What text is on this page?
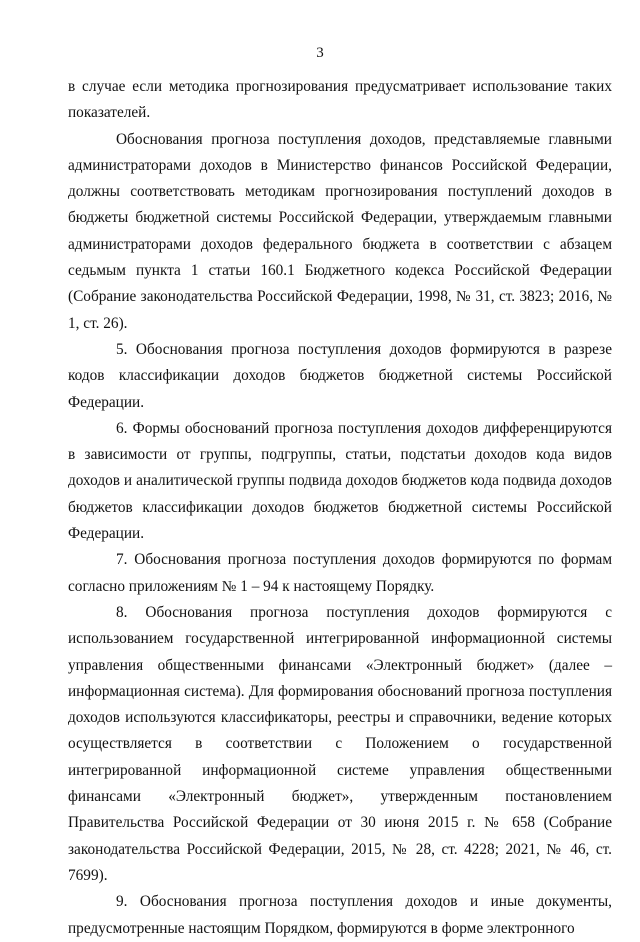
3

в случае если методика прогнозирования предусматривает использование таких показателей.

Обоснования прогноза поступления доходов, представляемые главными администраторами доходов в Министерство финансов Российской Федерации, должны соответствовать методикам прогнозирования поступлений доходов в бюджеты бюджетной системы Российской Федерации, утверждаемым главными администраторами доходов федерального бюджета в соответствии с абзацем седьмым пункта 1 статьи 160.1 Бюджетного кодекса Российской Федерации (Собрание законодательства Российской Федерации, 1998, № 31, ст. 3823; 2016, № 1, ст. 26).

5. Обоснования прогноза поступления доходов формируются в разрезе кодов классификации доходов бюджетов бюджетной системы Российской Федерации.

6. Формы обоснований прогноза поступления доходов дифференцируются в зависимости от группы, подгруппы, статьи, подстатьи доходов кода видов доходов и аналитической группы подвида доходов бюджетов кода подвида доходов бюджетов классификации доходов бюджетов бюджетной системы Российской Федерации.

7. Обоснования прогноза поступления доходов формируются по формам согласно приложениям № 1 – 94 к настоящему Порядку.

8. Обоснования прогноза поступления доходов формируются с использованием государственной интегрированной информационной системы управления общественными финансами «Электронный бюджет» (далее – информационная система). Для формирования обоснований прогноза поступления доходов используются классификаторы, реестры и справочники, ведение которых осуществляется в соответствии с Положением о государственной интегрированной информационной системе управления общественными финансами «Электронный бюджет», утвержденным постановлением Правительства Российской Федерации от 30 июня 2015 г. № 658 (Собрание законодательства Российской Федерации, 2015, № 28, ст. 4228; 2021, № 46, ст. 7699).

9. Обоснования прогноза поступления доходов и иные документы, предусмотренные настоящим Порядком, формируются в форме электронного
